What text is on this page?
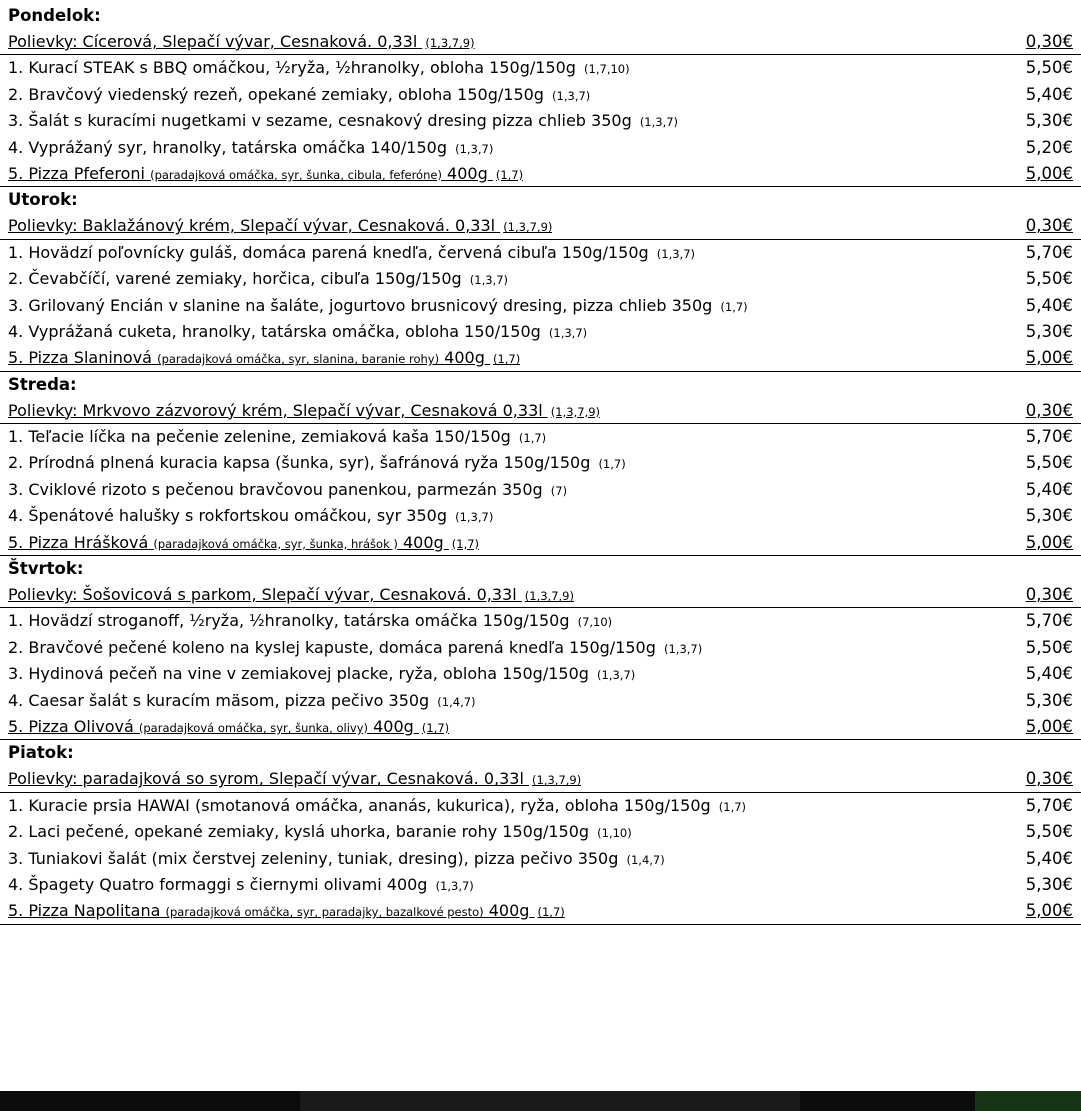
Pondelok:
Polievky: Cícerová, Slepačí vývar, Cesnaková. 0,33l (1,3,7,9)	0,30€
1. Kurací STEAK s BBQ omáčkou, ½ryža, ½hranolky, obloha 150g/150g (1,7,10)	5,50€
2. Bravčový viedenský rezeň, opekané zemiaky, obloha 150g/150g (1,3,7)	5,40€
3. Šalát s kuracími nugetkami v sezame, cesnakový dresing pizza chlieb 350g (1,3,7)	5,30€
4. Vyprážaný syr, hranolky, tatárska omáčka 140/150g (1,3,7)	5,20€
5. Pizza Pfeferoni (paradajková omáčka, syr, šunka, cibula, feferóne) 400g (1,7)	5,00€
Utorok:
Polievky: Baklažánový krém, Slepačí vývar, Cesnaková. 0,33l (1,3,7,9)	0,30€
1. Hovädzí poľovnícky guláš, domáca parená knedľa, červená cibuľa 150g/150g (1,3,7)	5,70€
2. Čevabčíčí, varené zemiaky, horčica, cibuľa 150g/150g (1,3,7)	5,50€
3. Grilovaný Encián v slanine na šaláte, jogurtovo brusnicový dresing, pizza chlieb 350g (1,7)	5,40€
4. Vyprážaná cuketa, hranolky, tatárska omáčka, obloha 150/150g (1,3,7)	5,30€
5. Pizza Slaninová (paradajková omáčka, syr, slanina, baranie rohy) 400g (1,7)	5,00€
Streda:
Polievky: Mrkvovo zázvorový krém, Slepačí vývar, Cesnaková 0,33l (1,3,7,9)	0,30€
1. Teľacie líčka na pečenie zelenine, zemiaková kaša 150/150g (1,7)	5,70€
2. Prírodná plnená kuracia kapsa (šunka, syr), šafránová ryža 150g/150g (1,7)	5,50€
3. Cviklové rizoto s pečenou bravčovou panenkou, parmezán 350g (7)	5,40€
4. Špenátové halušky s rokfortskou omáčkou, syr 350g (1,3,7)	5,30€
5. Pizza Hrášková (paradajková omáčka, syr, šunka, hrášok ) 400g (1,7)	5,00€
Štvrtok:
Polievky: Šošovicová s parkom, Slepačí vývar, Cesnaková. 0,33l (1,3,7,9)	0,30€
1. Hovädzí stroganoff, ½ryža, ½hranolky, tatárska omáčka 150g/150g (7,10)	5,70€
2. Bravčové pečené koleno na kyslej kapuste, domáca parená knedľa 150g/150g (1,3,7)	5,50€
3. Hydinová pečeň na vine v zemiakovej placke, ryža, obloha 150g/150g (1,3,7)	5,40€
4. Caesar šalát s kuracím mäsom, pizza pečivo 350g (1,4,7)	5,30€
5. Pizza Olivová (paradajková omáčka, syr, šunka, olivy) 400g (1,7)	5,00€
Piatok:
Polievky: paradajková so syrom, Slepačí vývar, Cesnaková. 0,33l (1,3,7,9)	0,30€
1. Kuracie prsia HAWAI (smotanová omáčka, ananás, kukurica), ryža, obloha 150g/150g (1,7)	5,70€
2. Laci pečené, opekané zemiaky, kyslá uhorka, baranie rohy 150g/150g (1,10)	5,50€
3. Tuniakovi šalát (mix čerstvej zeleniny, tuniak, dresing), pizza pečivo 350g (1,4,7)	5,40€
4. Špagety Quatro formaggi s čiernymi olivami 400g (1,3,7)	5,30€
5. Pizza Napolitana (paradajková omáčka, syr, paradajky, bazalkové pesto) 400g (1,7)	5,00€
